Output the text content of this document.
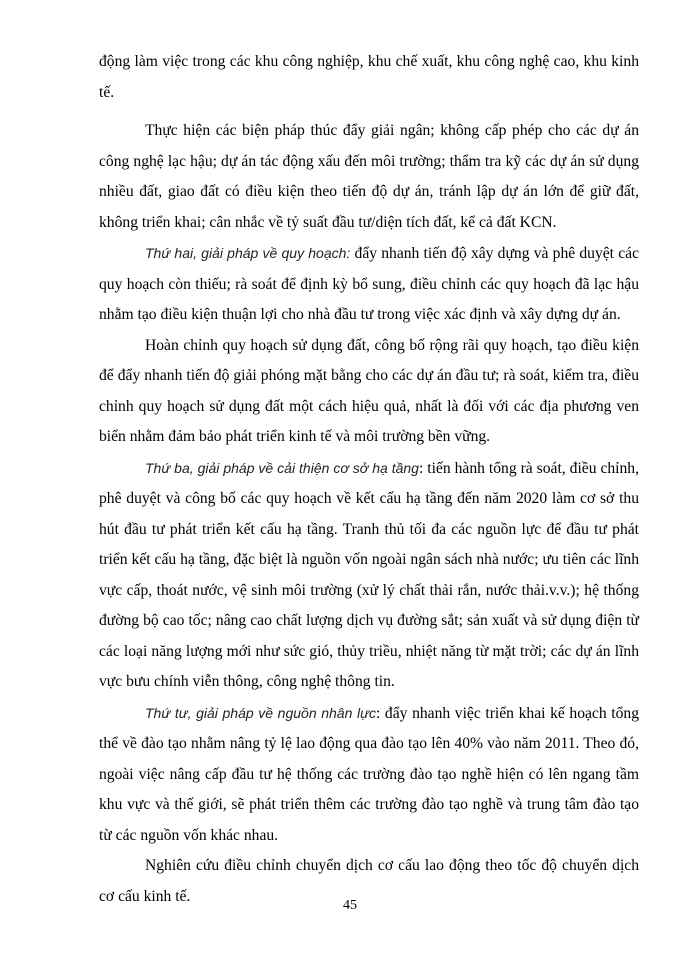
động làm việc trong các khu công nghiệp, khu chế xuất, khu công nghệ cao, khu kinh tế.

Thực hiện các biện pháp thúc đẩy giải ngân; không cấp phép cho các dự án công nghệ lạc hậu; dự án tác động xấu đến môi trường; thẩm tra kỹ các dự án sử dụng nhiều đất, giao đất có điều kiện theo tiến độ dự án, tránh lập dự án lớn để giữ đất, không triển khai; cân nhắc về tỷ suất đầu tư/diện tích đất, kể cả đất KCN.

Thứ hai, giải pháp về quy hoạch: đẩy nhanh tiến độ xây dựng và phê duyệt các quy hoạch còn thiếu; rà soát để định kỳ bổ sung, điều chỉnh các quy hoạch đã lạc hậu nhằm tạo điều kiện thuận lợi cho nhà đầu tư trong việc xác định và xây dựng dự án.

Hoàn chỉnh quy hoạch sử dụng đất, công bố rộng rãi quy hoạch, tạo điều kiện để đẩy nhanh tiến độ giải phóng mặt bằng cho các dự án đầu tư; rà soát, kiểm tra, điều chỉnh quy hoạch sử dụng đất một cách hiệu quả, nhất là đối với các địa phương ven biển nhằm đảm bảo phát triển kinh tế và môi trường bền vững.

Thứ ba, giải pháp về cải thiện cơ sở hạ tầng: tiến hành tổng rà soát, điều chỉnh, phê duyệt và công bố các quy hoạch về kết cấu hạ tầng đến năm 2020 làm cơ sở thu hút đầu tư phát triển kết cấu hạ tầng. Tranh thủ tối đa các nguồn lực để đầu tư phát triển kết cấu hạ tầng, đặc biệt là nguồn vốn ngoài ngân sách nhà nước; ưu tiên các lĩnh vực cấp, thoát nước, vệ sinh môi trường (xử lý chất thải rắn, nước thải.v.v.); hệ thống đường bộ cao tốc; nâng cao chất lượng dịch vụ đường sắt; sản xuất và sử dụng điện từ các loại năng lượng mới như sức gió, thủy triều, nhiệt năng từ mặt trời; các dự án lĩnh vực bưu chính viễn thông, công nghệ thông tin.

Thứ tư, giải pháp về nguồn nhân lực: đẩy nhanh việc triển khai kế hoạch tổng thể về đào tạo nhằm nâng tỷ lệ lao động qua đào tạo lên 40% vào năm 2011. Theo đó, ngoài việc nâng cấp đầu tư hệ thống các trường đào tạo nghề hiện có lên ngang tầm khu vực và thế giới, sẽ phát triển thêm các trường đào tạo nghề và trung tâm đào tạo từ các nguồn vốn khác nhau.

Nghiên cứu điều chỉnh chuyển dịch cơ cấu lao động theo tốc độ chuyển dịch cơ cấu kinh tế.

45
